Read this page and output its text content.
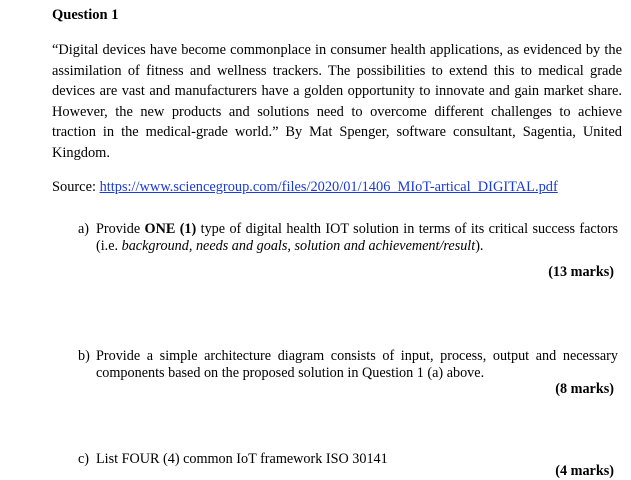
Question 1

“Digital devices have become commonplace in consumer health applications, as evidenced by the assimilation of fitness and wellness trackers. The possibilities to extend this to medical grade devices are vast and manufacturers have a golden opportunity to innovate and gain market share. However, the new products and solutions need to overcome different challenges to achieve traction in the medical-grade world.” By Mat Spenger, software consultant, Sagentia, United Kingdom.

Source: https://www.sciencegroup.com/files/2020/01/1406_MIoT-artical_DIGITAL.pdf

a) Provide ONE (1) type of digital health IOT solution in terms of its critical success factors (i.e. background, needs and goals, solution and achievement/result).

(13 marks)

b) Provide a simple architecture diagram consists of input, process, output and necessary components based on the proposed solution in Question 1 (a) above.

(8 marks)

c) List FOUR (4) common IoT framework ISO 30141

(4 marks)
